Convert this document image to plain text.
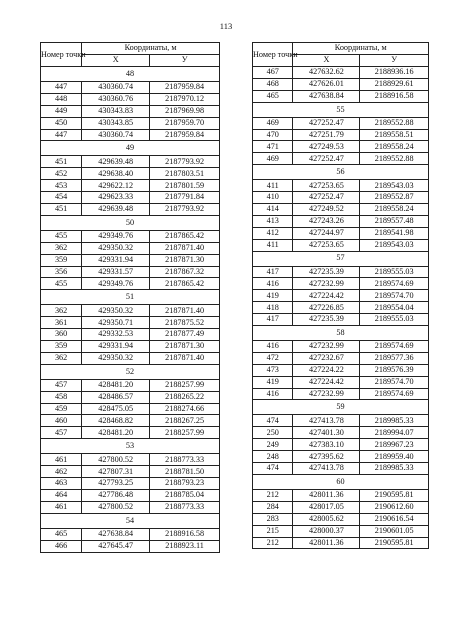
113
Номер точки	Координаты, м	
	X	У
48		
447	430360.74	2187959.84
448	430360.76	2187970.12
449	430343.83	2187969.98
450	430343.85	2187959.70
447	430360.74	2187959.84
49		
451	429639.48	2187793.92
452	429638.40	2187803.51
453	429622.12	2187801.59
454	429623.33	2187791.84
451	429639.48	2187793.92
50		
455	429349.76	2187865.42
362	429350.32	2187871.40
359	429331.94	2187871.30
356	429331.57	2187867.32
455	429349.76	2187865.42
51		
362	429350.32	2187871.40
361	429350.71	2187875.52
360	429332.53	2187877.49
359	429331.94	2187871.30
362	429350.32	2187871.40
52		
457	428481.20	2188257.99
458	428486.57	2188265.22
459	428475.05	2188274.66
460	428468.82	2188267.25
457	428481.20	2188257.99
53		
461	427800.52	2188773.33
462	427807.31	2188781.50
463	427793.25	2188793.23
464	427786.48	2188785.04
461	427800.52	2188773.33
54		
465	427638.84	2188916.58
466	427645.47	2188923.11
Номер точки	Координаты, м	
	X	У
467	427632.62	2188936.16
468	427626.01	2188929.61
465	427638.84	2188916.58
55		
469	427252.47	2189552.88
470	427251.79	2189558.51
471	427249.53	2189558.24
469	427252.47	2189552.88
56		
411	427253.65	2189543.03
410	427252.47	2189552.87
414	427249.52	2189558.24
413	427243.26	2189557.48
412	427244.97	2189541.98
411	427253.65	2189543.03
57		
417	427235.39	2189555.03
416	427232.99	2189574.69
419	427224.42	2189574.70
418	427226.85	2189554.04
417	427235.39	2189555.03
58		
416	427232.99	2189574.69
472	427232.67	2189577.36
473	427224.22	2189576.39
419	427224.42	2189574.70
416	427232.99	2189574.69
59		
474	427413.78	2189985.33
250	427401.30	2189994.07
249	427383.10	2189967.23
248	427395.62	2189959.40
474	427413.78	2189985.33
60		
212	428011.36	2190595.81
284	428017.05	2190612.60
283	428005.62	2190616.54
215	428000.37	2190601.05
212	428011.36	2190595.81
